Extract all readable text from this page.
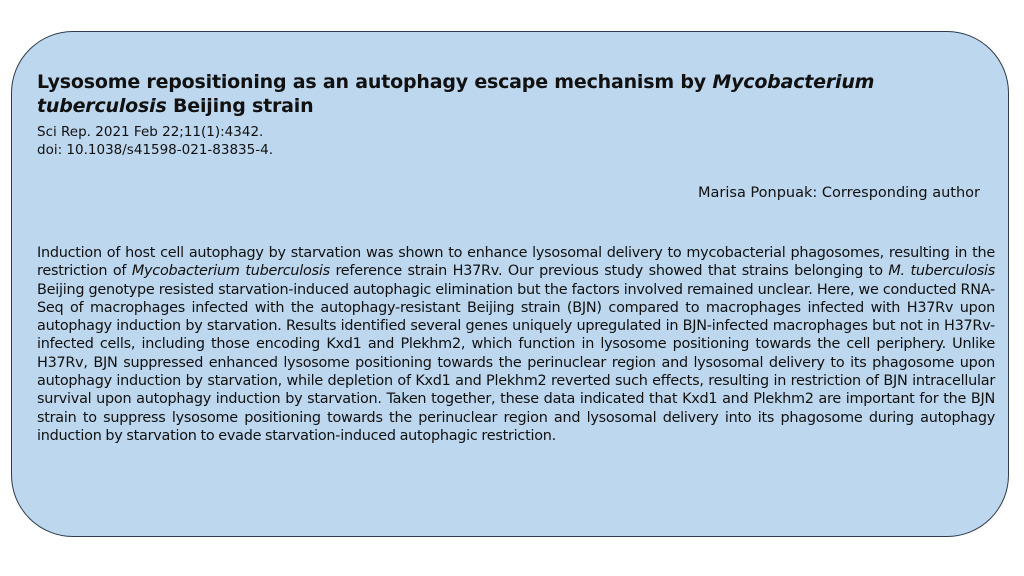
Lysosome repositioning as an autophagy escape mechanism by Mycobacterium tuberculosis Beijing strain
Sci Rep. 2021 Feb 22;11(1):4342.
doi: 10.1038/s41598-021-83835-4.
Marisa Ponpuak: Corresponding author

Induction of host cell autophagy by starvation was shown to enhance lysosomal delivery to mycobacterial phagosomes, resulting in the restriction of Mycobacterium tuberculosis reference strain H37Rv. Our previous study showed that strains belonging to M. tuberculosis Beijing genotype resisted starvation-induced autophagic elimination but the factors involved remained unclear. Here, we conducted RNA-Seq of macrophages infected with the autophagy-resistant Beijing strain (BJN) compared to macrophages infected with H37Rv upon autophagy induction by starvation. Results identified several genes uniquely upregulated in BJN-infected macrophages but not in H37Rv-infected cells, including those encoding Kxd1 and Plekhm2, which function in lysosome positioning towards the cell periphery. Unlike H37Rv, BJN suppressed enhanced lysosome positioning towards the perinuclear region and lysosomal delivery to its phagosome upon autophagy induction by starvation, while depletion of Kxd1 and Plekhm2 reverted such effects, resulting in restriction of BJN intracellular survival upon autophagy induction by starvation. Taken together, these data indicated that Kxd1 and Plekhm2 are important for the BJN strain to suppress lysosome positioning towards the perinuclear region and lysosomal delivery into its phagosome during autophagy induction by starvation to evade starvation-induced autophagic restriction.
